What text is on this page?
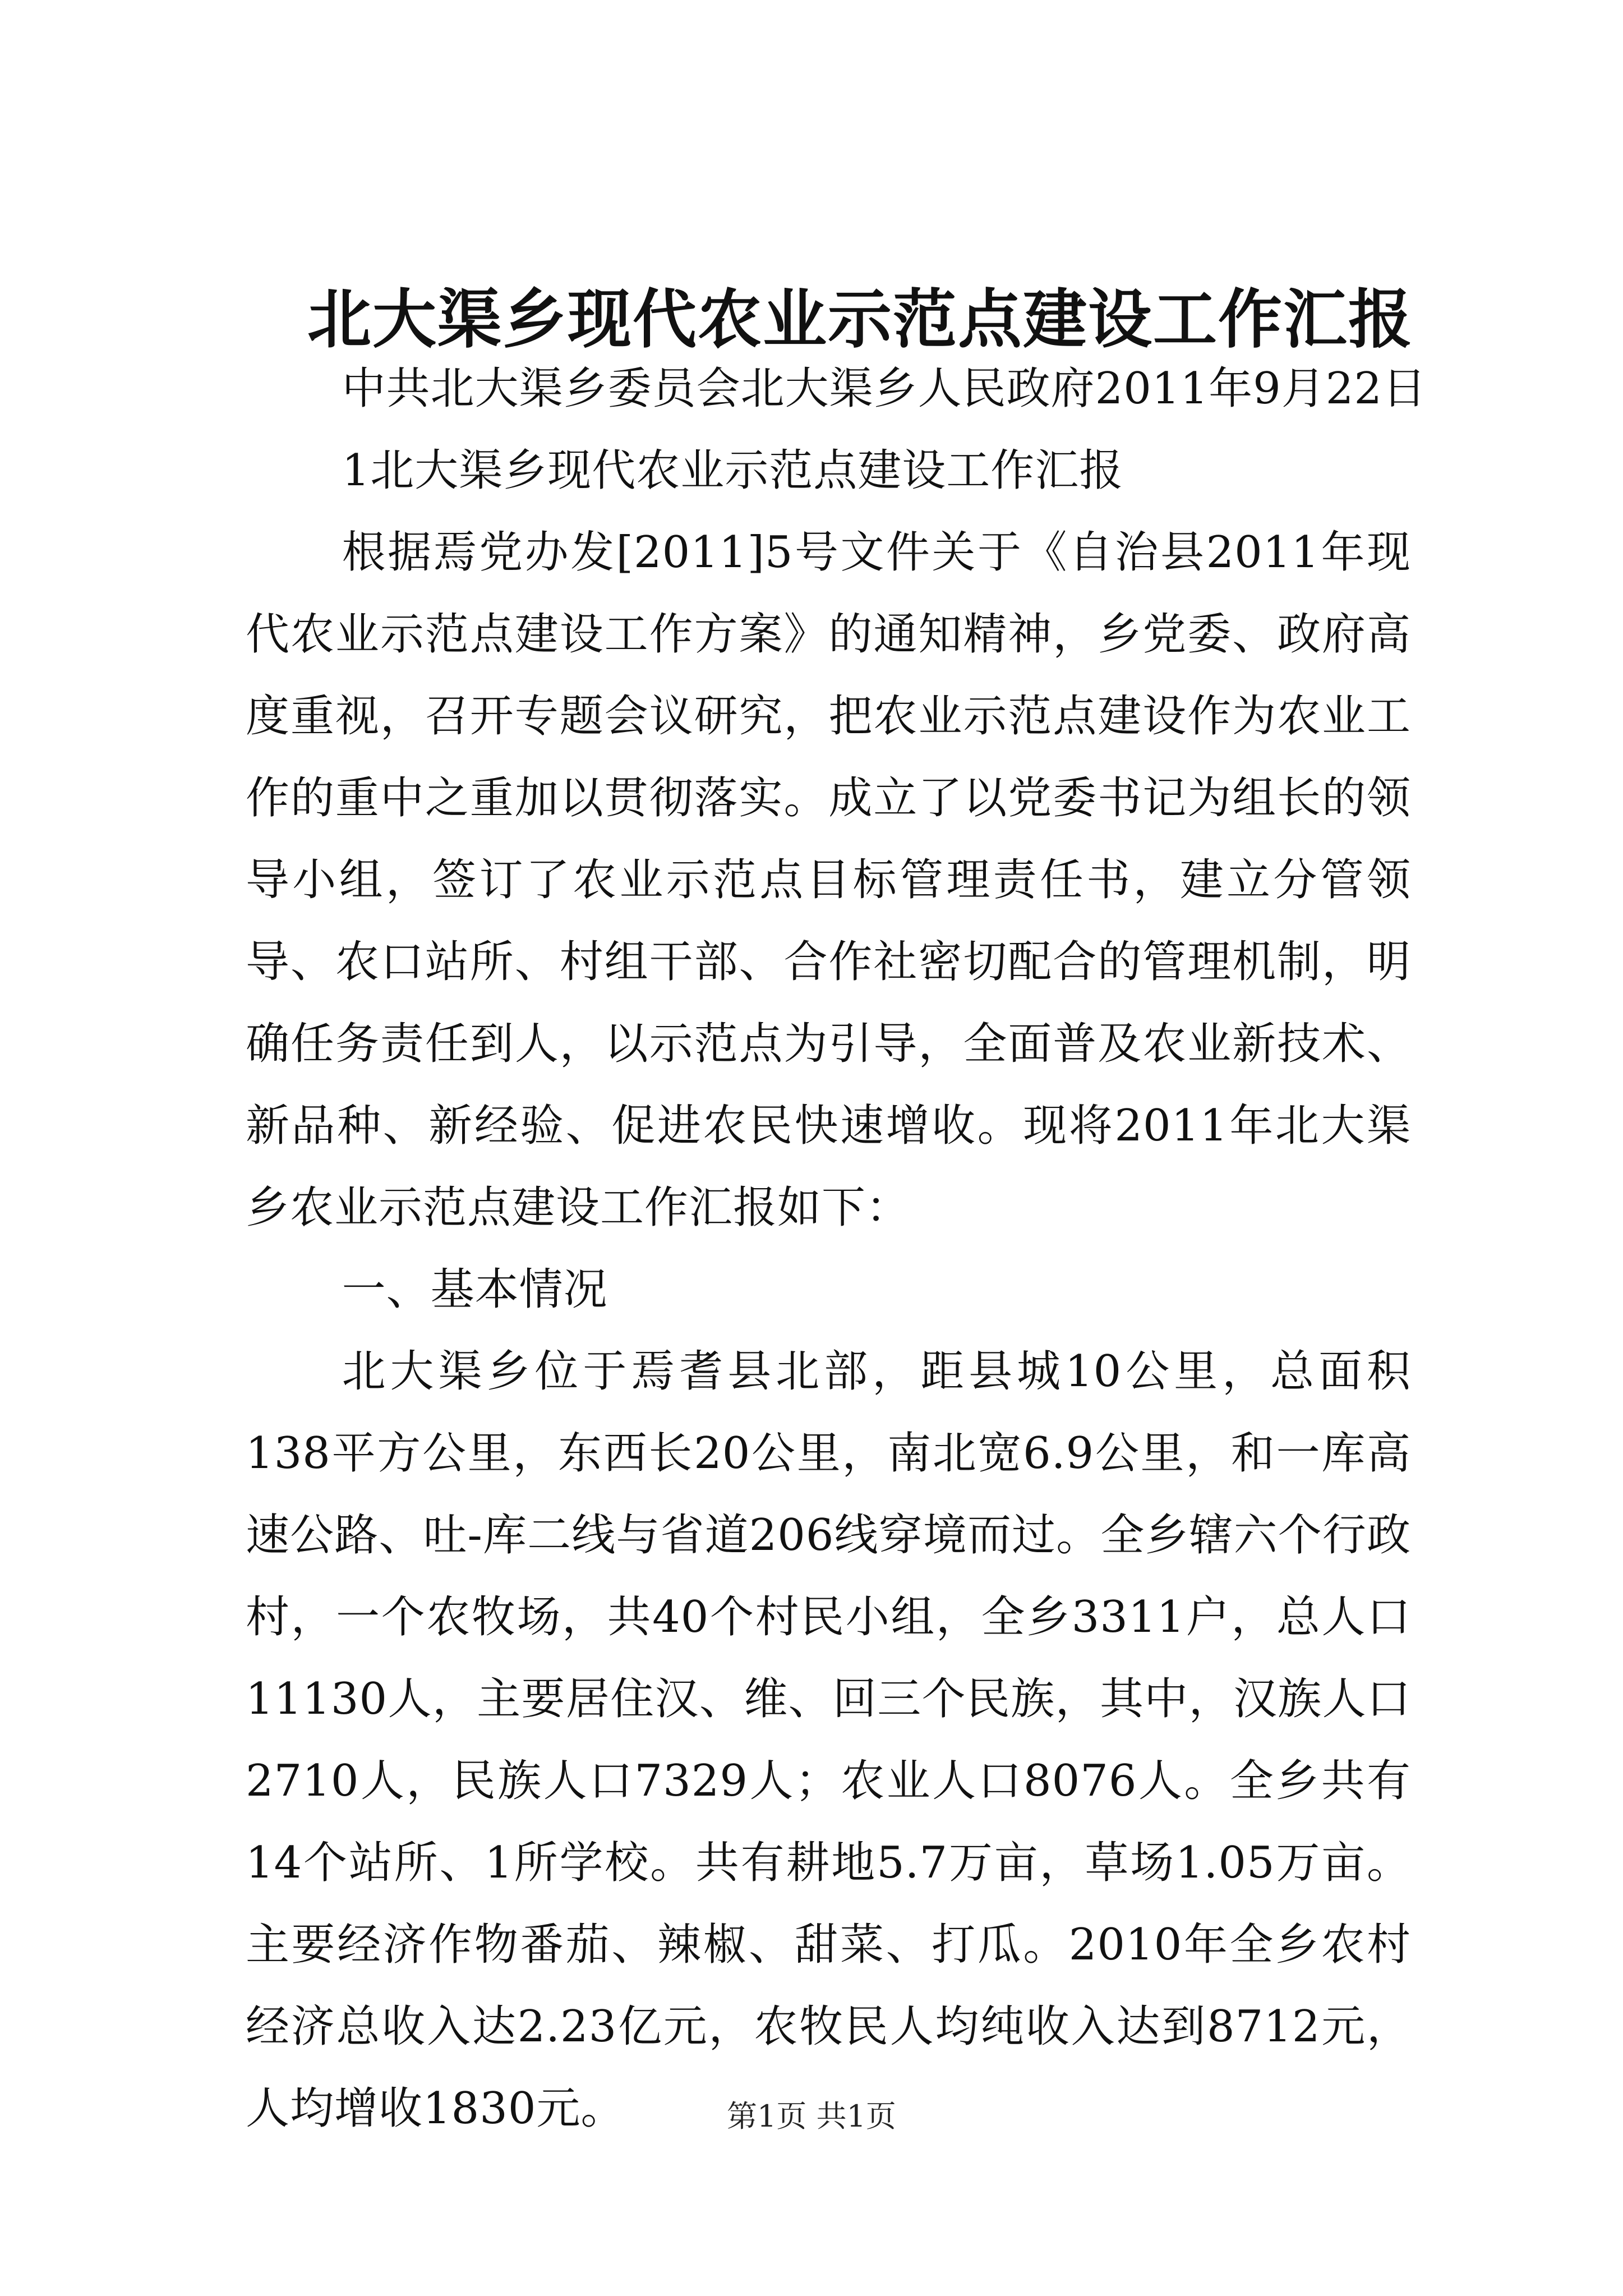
北大渠乡现代农业示范点建设工作汇报

中共北大渠乡委员会北大渠乡人民政府2011年9月22日

1北大渠乡现代农业示范点建设工作汇报

根据焉党办发[2011]5号文件关于《自治县2011年现代农业示范点建设工作方案》的通知精神，乡党委、政府高度重视，召开专题会议研究，把农业示范点建设作为农业工作的重中之重加以贯彻落实。成立了以党委书记为组长的领导小组，签订了农业示范点目标管理责任书，建立分管领导、农口站所、村组干部、合作社密切配合的管理机制，明确任务责任到人，以示范点为引导，全面普及农业新技术、新品种、新经验、促进农民快速增收。现将2011年北大渠乡农业示范点建设工作汇报如下：

一、基本情况

北大渠乡位于焉耆县北部，距县城10公里，总面积138平方公里，东西长20公里，南北宽6.9公里，和一库高速公路、吐-库二线与省道206线穿境而过。全乡辖六个行政村，一个农牧场，共40个村民小组，全乡3311户，总人口11130人，主要居住汉、维、回三个民族，其中，汉族人口2710人，民族人口7329人；农业人口8076人。全乡共有14个站所、1所学校。共有耕地5.7万亩，草场1.05万亩。主要经济作物番茄、辣椒、甜菜、打瓜。2010年全乡农村经济总收入达2.23亿元，农牧民人均纯收入达到8712元，人均增收1830元。	第1页 共1页
